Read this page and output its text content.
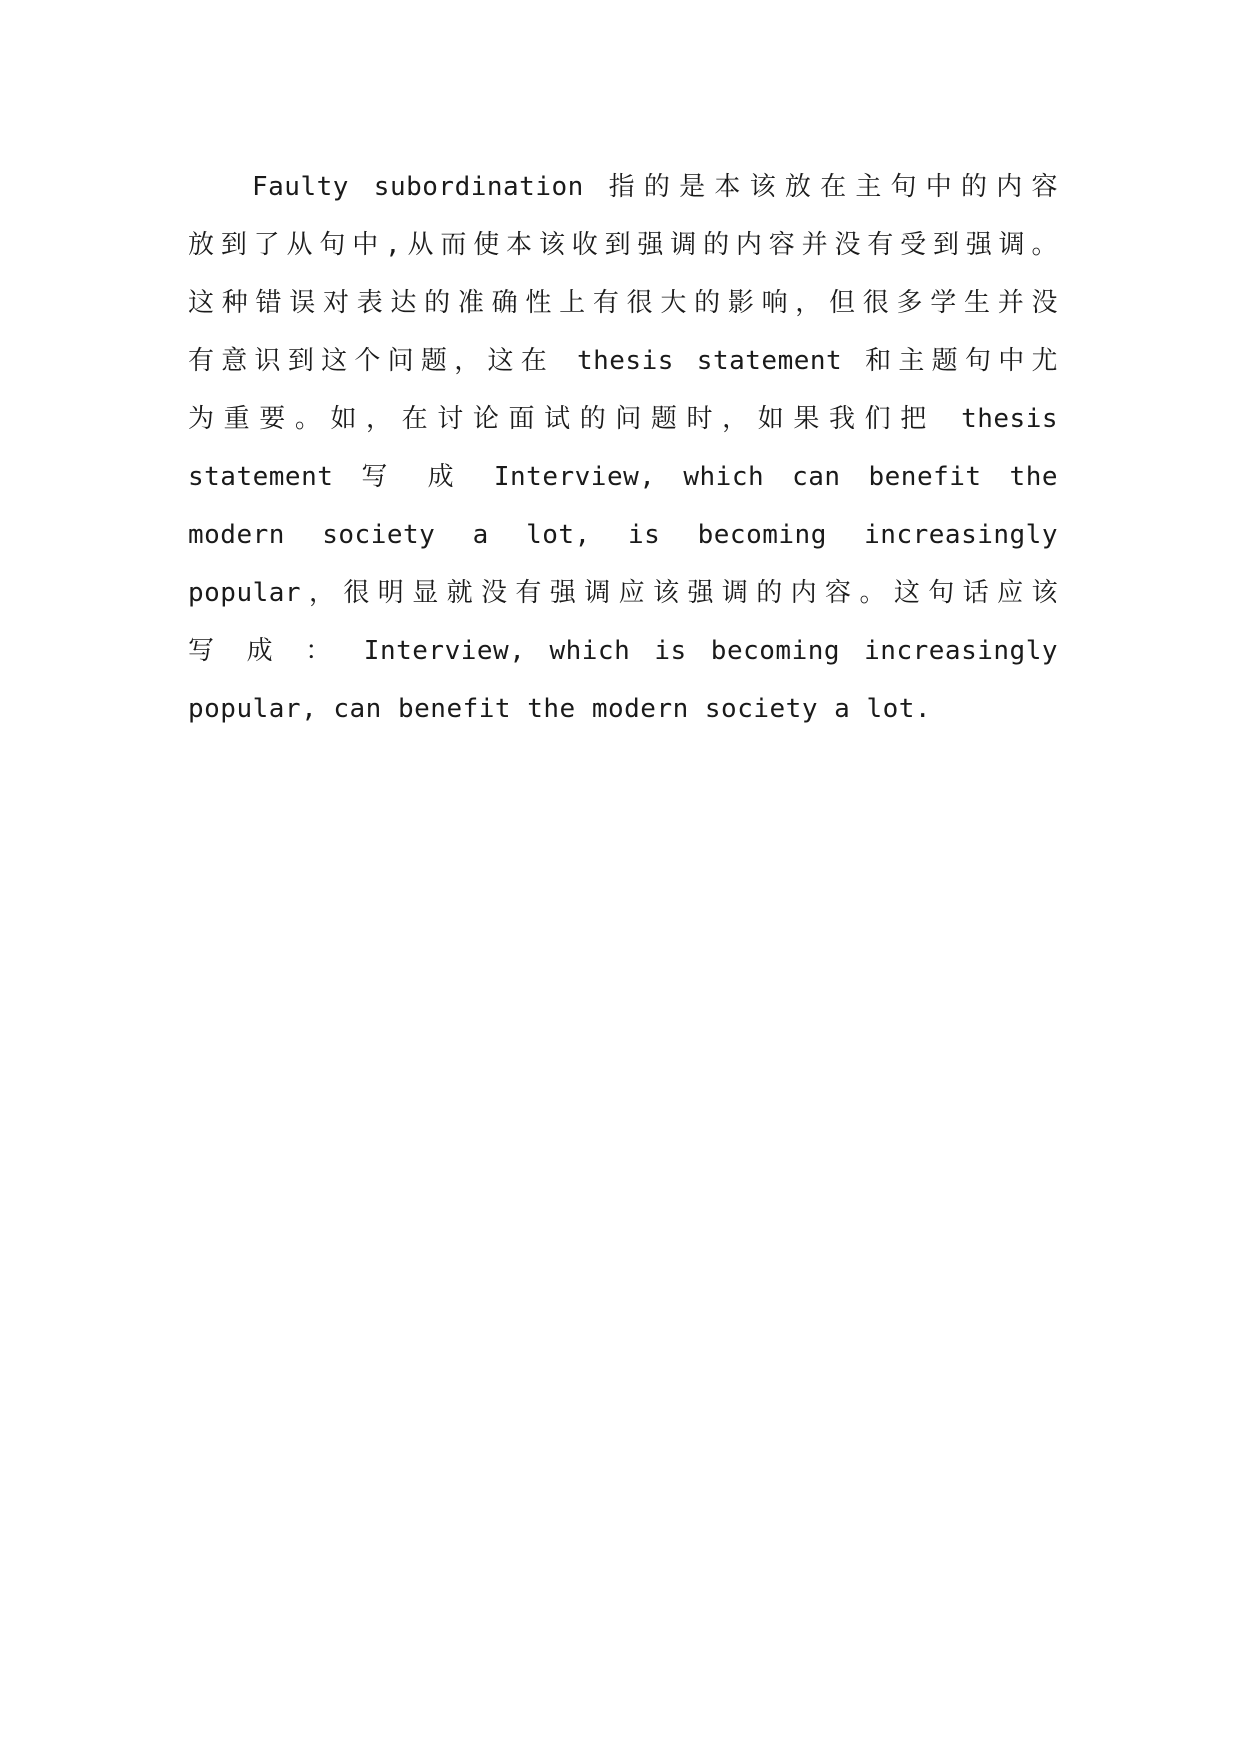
Faulty subordination 指的是本该放在主句中的内容
放到了从句中,从而使本该收到强调的内容并没有受到强调。
这种错误对表达的准确性上有很大的影响，但很多学生并没
有意识到这个问题，这在 thesis statement 和主题句中尤
为重要。如，在讨论面试的问题时，如果我们把 thesis
statement 写 成 Interview, which can benefit the
modern society a lot, is becoming increasingly
popular，很明显就没有强调应该强调的内容。这句话应该
写 成 ： Interview, which is becoming increasingly
popular, can benefit the modern society a lot.
